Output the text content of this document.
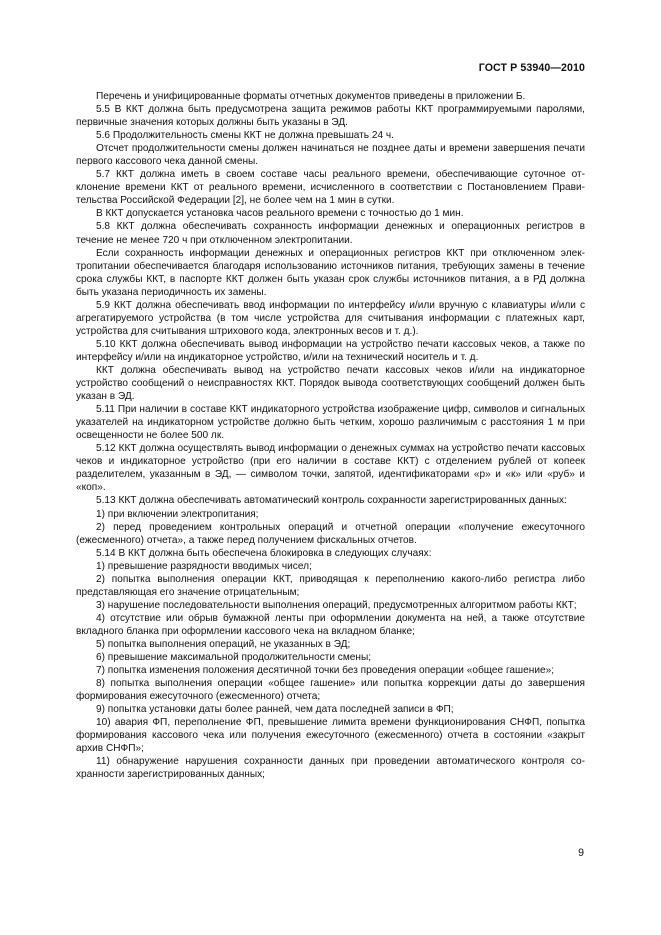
ГОСТ Р 53940—2010

Перечень и унифицированные форматы отчетных документов приведены в приложении Б.

5.5 В ККТ должна быть предусмотрена защита режимов работы ККТ программируемыми паролями, первичные значения которых должны быть указаны в ЭД.

5.6 Продолжительность смены ККТ не должна превышать 24 ч.

Отсчет продолжительности смены должен начинаться не позднее даты и времени завершения печати первого кассового чека данной смены.

5.7 ККТ должна иметь в своем составе часы реального времени, обеспечивающие суточное отклонение времени ККТ от реального времени, исчисленного в соответствии с Постановлением Правительства Российской Федерации [2], не более чем на 1 мин в сутки.

В ККТ допускается установка часов реального времени с точностью до 1 мин.

5.8 ККТ должна обеспечивать сохранность информации денежных и операционных регистров в течение не менее 720 ч при отключенном электропитании.

Если сохранность информации денежных и операционных регистров ККТ при отключенном электропитании обеспечивается благодаря использованию источников питания, требующих замены в течение срока службы ККТ, в паспорте ККТ должен быть указан срок службы источников питания, а в РД должна быть указана периодичность их замены.

5.9 ККТ должна обеспечивать ввод информации по интерфейсу и/или вручную с клавиатуры и/или с агрегатируемого устройства (в том числе устройства для считывания информации с платежных карт, устройства для считывания штрихового кода, электронных весов и т. д.).

5.10 ККТ должна обеспечивать вывод информации на устройство печати кассовых чеков, а также по интерфейсу и/или на индикаторное устройство, и/или на технический носитель и т. д.

ККТ должна обеспечивать вывод на устройство печати кассовых чеков и/или на индикаторное устройство сообщений о неисправностях ККТ. Порядок вывода соответствующих сообщений должен быть указан в ЭД.

5.11 При наличии в составе ККТ индикаторного устройства изображение цифр, символов и сигнальных указателей на индикаторном устройстве должно быть четким, хорошо различимым с расстояния 1 м при освещенности не более 500 лк.

5.12 ККТ должна осуществлять вывод информации о денежных суммах на устройство печати кассовых чеков и индикаторное устройство (при его наличии в составе ККТ) с отделением рублей от копеек разделителем, указанным в ЭД, — символом точки, запятой, идентификаторами «р» и «к» или «руб» и «коп».

5.13 ККТ должна обеспечивать автоматический контроль сохранности зарегистрированных данных:

1) при включении электропитания;

2) перед проведением контрольных операций и отчетной операции «получение ежесуточного (ежесменного) отчета», а также перед получением фискальных отчетов.

5.14 В ККТ должна быть обеспечена блокировка в следующих случаях:

1) превышение разрядности вводимых чисел;

2) попытка выполнения операции ККТ, приводящая к переполнению какого-либо регистра либо представляющая его значение отрицательным;

3) нарушение последовательности выполнения операций, предусмотренных алгоритмом работы ККТ;

4) отсутствие или обрыв бумажной ленты при оформлении документа на ней, а также отсутствие вкладного бланка при оформлении кассового чека на вкладном бланке;

5) попытка выполнения операций, не указанных в ЭД;

6) превышение максимальной продолжительности смены;

7) попытка изменения положения десятичной точки без проведения операции «общее гашение»;

8) попытка выполнения операции «общее гашение» или попытка коррекции даты до завершения формирования ежесуточного (ежесменного) отчета;

9) попытка установки даты более ранней, чем дата последней записи в ФП;

10) авария ФП, переполнение ФП, превышение лимита времени функционирования СНФП, попытка формирования кассового чека или получения ежесуточного (ежесменного) отчета в состоянии «закрыт архив СНФП»;

11) обнаружение нарушения сохранности данных при проведении автоматического контроля сохранности зарегистрированных данных;

9
